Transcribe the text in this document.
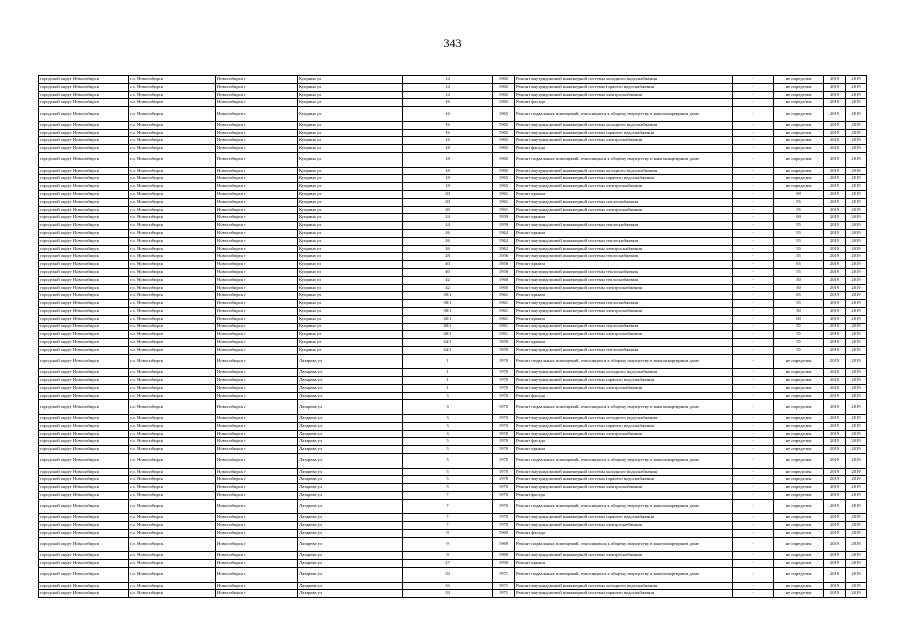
343
городской округ Новосибирск	г.о. Новосибирск	Новосибирск г	Куприна ул	14	1965	Ремонт внутридомовой инженерной системы холодного водоснабжения	-	не определен	2019	2019
городской округ Новосибирск	г.о. Новосибирск	Новосибирск г	Куприна ул	14	1965	Ремонт внутридомовой инженерной системы горячего водоснабжения	-	не определен	2019	2019
городской округ Новосибирск	г.о. Новосибирск	Новосибирск г	Куприна ул	14	1965	Ремонт внутридомовой инженерной системы электроснабжения	-	не определен	2019	2019
городской округ Новосибирск	г.о. Новосибирск	Новосибирск г	Куприна ул	16	1965	Ремонт фасада	-	не определен	2019	2019
городской округ Новосибирск	г.о. Новосибирск	Новосибирск г	Куприна ул	16	1965	Ремонт подвальных помещений, относящихся к общему имуществу в многоквартирном доме	-	не определен	2019	2019
городской округ Новосибирск	г.о. Новосибирск	Новосибирск г	Куприна ул	16	1965	Ремонт внутридомовой инженерной системы холодного водоснабжения	-	не определен	2019	2019
городской округ Новосибирск	г.о. Новосибирск	Новосибирск г	Куприна ул	16	1965	Ремонт внутридомовой инженерной системы горячего водоснабжения	-	не определен	2019	2019
городской округ Новосибирск	г.о. Новосибирск	Новосибирск г	Куприна ул	16	1965	Ремонт внутридомовой инженерной системы электроснабжения	-	не определен	2019	2019
городской округ Новосибирск	г.о. Новосибирск	Новосибирск г	Куприна ул	18	1965	Ремонт фасада	-	не определен	2019	2019
городской округ Новосибирск	г.о. Новосибирск	Новосибирск г	Куприна ул	18	1965	Ремонт подвальных помещений, относящихся к общему имуществу в многоквартирном доме	-	не определен	2019	2019
городской округ Новосибирск	г.о. Новосибирск	Новосибирск г	Куприна ул	18	1965	Ремонт внутридомовой инженерной системы холодного водоснабжения	-	не определен	2019	2019
городской округ Новосибирск	г.о. Новосибирск	Новосибирск г	Куприна ул	18	1965	Ремонт внутридомовой инженерной системы горячего водоснабжения	-	не определен	2019	2019
городской округ Новосибирск	г.о. Новосибирск	Новосибирск г	Куприна ул	18	1965	Ремонт внутридомовой инженерной системы электроснабжения	-	не определен	2019	2019
городской округ Новосибирск	г.о. Новосибирск	Новосибирск г	Куприна ул	20	1961	Ремонт крыши	-	69	2019	2019
городской округ Новосибирск	г.о. Новосибирск	Новосибирск г	Куприна ул	20	1961	Ремонт внутридомовой инженерной системы теплоснабжения	-	55	2019	2019
городской округ Новосибирск	г.о. Новосибирск	Новосибирск г	Куприна ул	20	1961	Ремонт внутридомовой инженерной системы электроснабжения	-	55	2019	2019
городской округ Новосибирск	г.о. Новосибирск	Новосибирск г	Куприна ул	24	1959	Ремонт крыши	-	69	2019	2019
городской округ Новосибирск	г.о. Новосибирск	Новосибирск г	Куприна ул	24	1959	Ремонт внутридомовой инженерной системы теплоснабжения	-	55	2019	2019
городской округ Новосибирск	г.о. Новосибирск	Новосибирск г	Куприна ул	26	1962	Ремонт крыши	-	55	2019	2019
городской округ Новосибирск	г.о. Новосибирск	Новосибирск г	Куприна ул	26	1962	Ремонт внутридомовой инженерной системы теплоснабжения	-	55	2019	2019
городской округ Новосибирск	г.о. Новосибирск	Новосибирск г	Куприна ул	26	1962	Ремонт внутридомовой инженерной системы электроснабжения	-	55	2019	2019
городской округ Новосибирск	г.о. Новосибирск	Новосибирск г	Куприна ул	28	1956	Ремонт внутридомовой инженерной системы теплоснабжения	-	55	2019	2019
городской округ Новосибирск	г.о. Новосибирск	Новосибирск г	Куприна ул	40	1958	Ремонт крыши	-	65	2019	2019
городской округ Новосибирск	г.о. Новосибирск	Новосибирск г	Куприна ул	40	1958	Ремонт внутридомовой инженерной системы теплоснабжения	-	55	2019	2019
городской округ Новосибирск	г.о. Новосибирск	Новосибирск г	Куприна ул	42	1960	Ремонт внутридомовой инженерной системы теплоснабжения	-	50	2019	2019
городской округ Новосибирск	г.о. Новосибирск	Новосибирск г	Куприна ул	42	1960	Ремонт внутридомовой инженерной системы электроснабжения	-	50	2019	2019
городской округ Новосибирск	г.о. Новосибирск	Новосибирск г	Куприна ул	38/1	1961	Ремонт крыши	-	65	2019	2019
городской округ Новосибирск	г.о. Новосибирск	Новосибирск г	Куприна ул	38/1	1961	Ремонт внутридомовой инженерной системы теплоснабжения	-	55	2019	2019
городской округ Новосибирск	г.о. Новосибирск	Новосибирск г	Куприна ул	38/1	1961	Ремонт внутридомовой инженерной системы электроснабжения	-	50	2019	2019
городской округ Новосибирск	г.о. Новосибирск	Новосибирск г	Куприна ул	40/1	1961	Ремонт крыши	-	60	2019	2019
городской округ Новосибирск	г.о. Новосибирск	Новосибирск г	Куприна ул	40/1	1961	Ремонт внутридомовой инженерной системы теплоснабжения	-	55	2019	2019
городской округ Новосибирск	г.о. Новосибирск	Новосибирск г	Куприна ул	40/1	1961	Ремонт внутридомовой инженерной системы электроснабжения	-	55	2019	2019
городской округ Новосибирск	г.о. Новосибирск	Новосибирск г	Куприна ул	44/1	1959	Ремонт крыши	-	55	2019	2019
городской округ Новосибирск	г.о. Новосибирск	Новосибирск г	Куприна ул	44/1	1959	Ремонт внутридомовой инженерной системы теплоснабжения	-	55	2019	2019
городской округ Новосибирск	г.о. Новосибирск	Новосибирск г	Лазарева ул	1	1970	Ремонт подвальных помещений, относящихся к общему имуществу в многоквартирном доме	-	не определен	2019	2019
городской округ Новосибирск	г.о. Новосибирск	Новосибирск г	Лазарева ул	1	1970	Ремонт внутридомовой инженерной системы холодного водоснабжения	-	не определен	2019	2019
городской округ Новосибирск	г.о. Новосибирск	Новосибирск г	Лазарева ул	1	1970	Ремонт внутридомовой инженерной системы горячего водоснабжения	-	не определен	2019	2019
городской округ Новосибирск	г.о. Новосибирск	Новосибирск г	Лазарева ул	1	1970	Ремонт внутридомовой инженерной системы электроснабжения	-	не определен	2019	2019
городской округ Новосибирск	г.о. Новосибирск	Новосибирск г	Лазарева ул	3	1970	Ремонт фасада	-	не определен	2019	2019
городской округ Новосибирск	г.о. Новосибирск	Новосибирск г	Лазарева ул	3	1970	Ремонт подвальных помещений, относящихся к общему имуществу в многоквартирном доме	-	не определен	2019	2019
городской округ Новосибирск	г.о. Новосибирск	Новосибирск г	Лазарева ул	3	1970	Ремонт внутридомовой инженерной системы холодного водоснабжения	-	не определен	2019	2019
городской округ Новосибирск	г.о. Новосибирск	Новосибирск г	Лазарева ул	3	1970	Ремонт внутридомовой инженерной системы горячего водоснабжения	-	не определен	2019	2019
городской округ Новосибирск	г.о. Новосибирск	Новосибирск г	Лазарева ул	3	1970	Ремонт внутридомовой инженерной системы электроснабжения	-	не определен	2019	2019
городской округ Новосибирск	г.о. Новосибирск	Новосибирск г	Лазарева ул	5	1970	Ремонт фасада	-	не определен	2019	2019
городской округ Новосибирск	г.о. Новосибирск	Новосибирск г	Лазарева ул	5	1970	Ремонт крыши	-	не определен	2019	2019
городской округ Новосибирск	г.о. Новосибирск	Новосибирск г	Лазарева ул	5	1970	Ремонт подвальных помещений, относящихся к общему имуществу в многоквартирном доме	-	не определен	2019	2019
городской округ Новосибирск	г.о. Новосибирск	Новосибирск г	Лазарева ул	5	1970	Ремонт внутридомовой инженерной системы холодного водоснабжения	-	не определен	2019	2019
городской округ Новосибирск	г.о. Новосибирск	Новосибирск г	Лазарева ул	5	1970	Ремонт внутридомовой инженерной системы горячего водоснабжения	-	не определен	2019	2019
городской округ Новосибирск	г.о. Новосибирск	Новосибирск г	Лазарева ул	5	1970	Ремонт внутридомовой инженерной системы электроснабжения	-	не определен	2019	2019
городской округ Новосибирск	г.о. Новосибирск	Новосибирск г	Лазарева ул	7	1970	Ремонт фасада	-	не определен	2019	2019
городской округ Новосибирск	г.о. Новосибирск	Новосибирск г	Лазарева ул	7	1970	Ремонт подвальных помещений, относящихся к общему имуществу в многоквартирном доме	-	не определен	2019	2019
городской округ Новосибирск	г.о. Новосибирск	Новосибирск г	Лазарева ул	7	1970	Ремонт внутридомовой инженерной системы горячего водоснабжения	-	не определен	2019	2019
городской округ Новосибирск	г.о. Новосибирск	Новосибирск г	Лазарева ул	7	1970	Ремонт внутридомовой инженерной системы электроснабжения	-	не определен	2019	2019
городской округ Новосибирск	г.о. Новосибирск	Новосибирск г	Лазарева ул	9	1969	Ремонт фасада	-	не определен	2019	2019
городской округ Новосибирск	г.о. Новосибирск	Новосибирск г	Лазарева ул	9	1969	Ремонт подвальных помещений, относящихся к общему имуществу в многоквартирном доме	-	не определен	2019	2019
городской округ Новосибирск	г.о. Новосибирск	Новосибирск г	Лазарева ул	9	1969	Ремонт внутридомовой инженерной системы электроснабжения	-	не определен	2019	2019
городской округ Новосибирск	г.о. Новосибирск	Новосибирск г	Лазарева ул	27	1950	Ремонт крыши	-	не определен	2019	2019
городской округ Новосибирск	г.о. Новосибирск	Новосибирск г	Лазарева ул	33	1971	Ремонт подвальных помещений, относящихся к общему имуществу в многоквартирном доме	-	не определен	2019	2019
городской округ Новосибирск	г.о. Новосибирск	Новосибирск г	Лазарева ул	33	1971	Ремонт внутридомовой инженерной системы холодного водоснабжения	-	не определен	2019	2019
городской округ Новосибирск	г.о. Новосибирск	Новосибирск г	Лазарева ул	33	1971	Ремонт внутридомовой инженерной системы горячего водоснабжения	-	не определен	2019	2019
